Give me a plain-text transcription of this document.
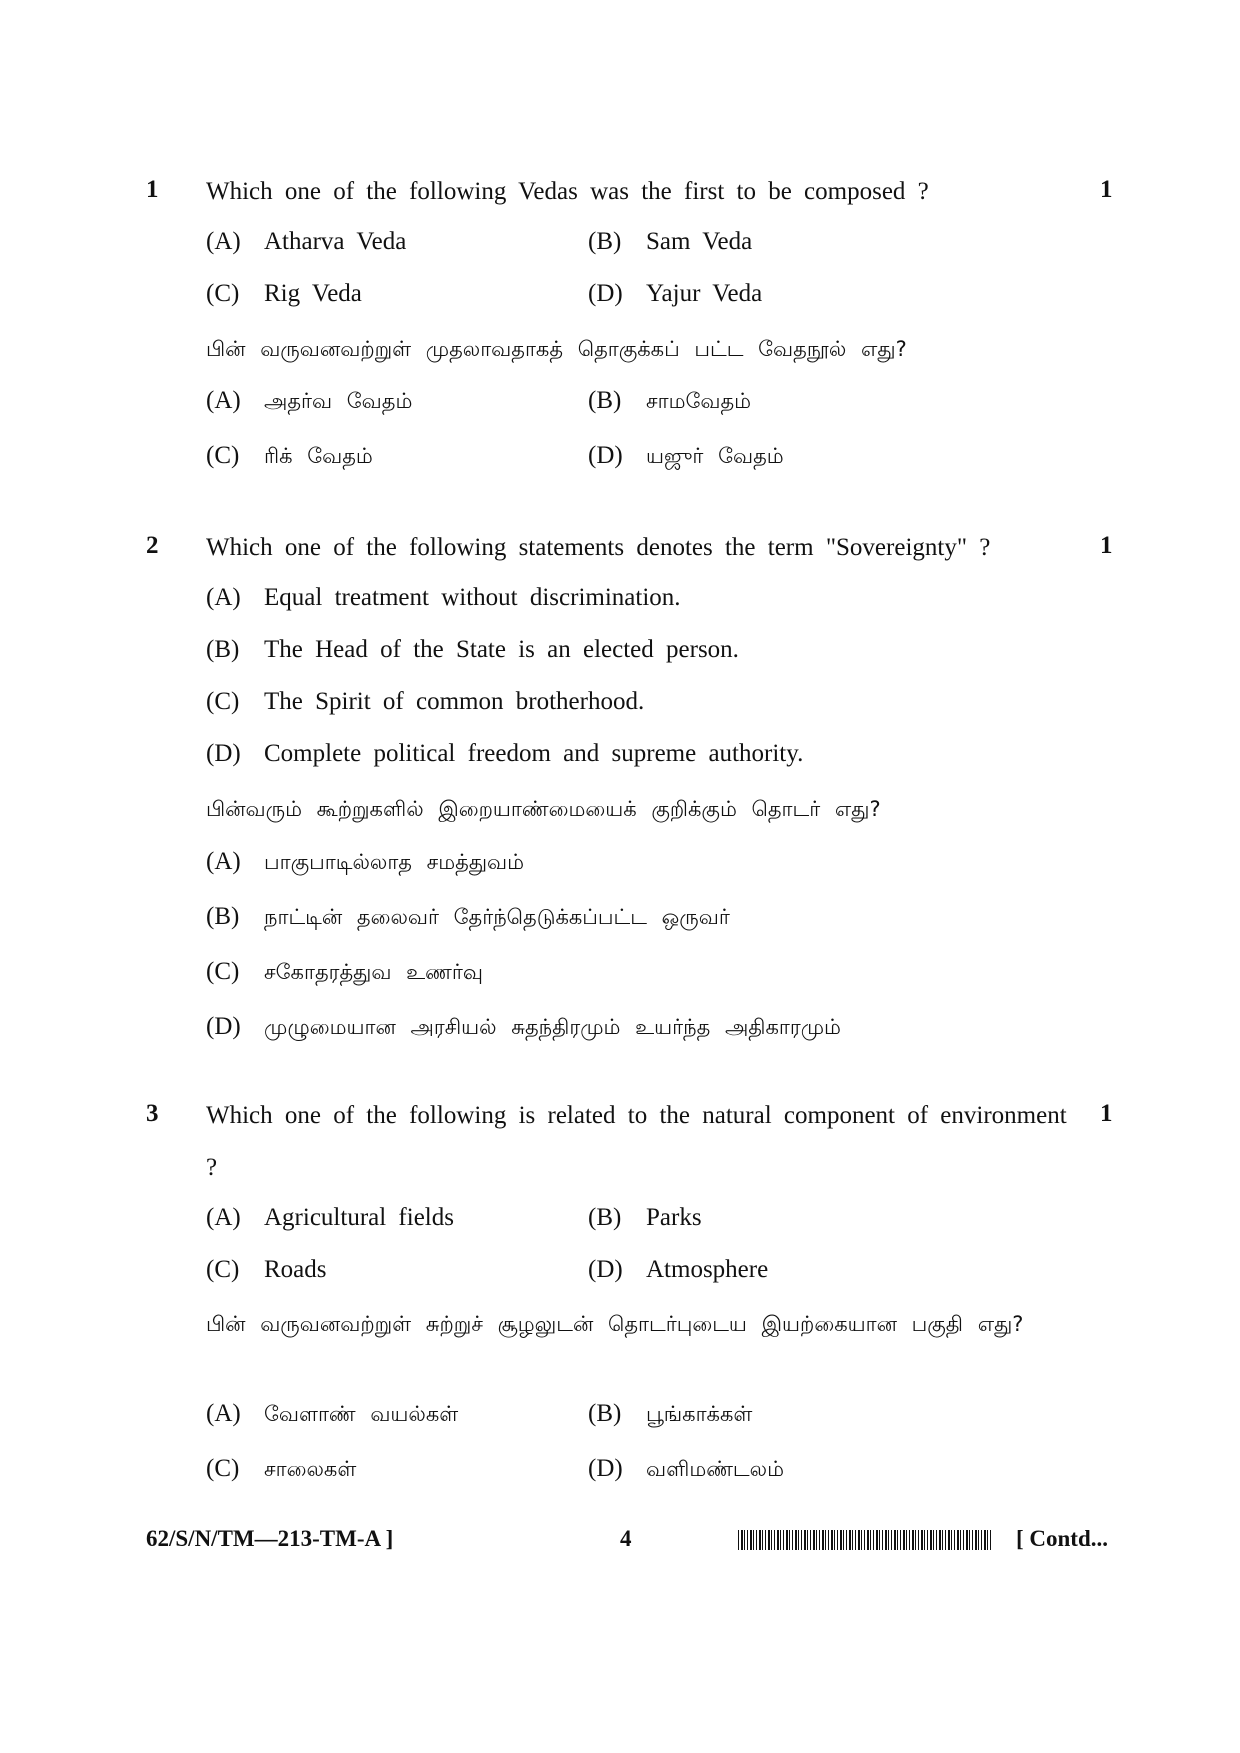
1 Which one of the following Vedas was the first to be composed ?	1
(A) Atharva Veda	(B) Sam Veda
(C) Rig Veda	(D) Yajur Veda
பின் வருவனவற்றுள் முதலாவதாகத் தொகுக்கப் பட்ட வேதநூல் எது?
(A) அதர்வ வேதம்	(B) சாமவேதம்
(C) ரிக் வேதம்	(D) யஜுர் வேதம்
2 Which one of the following statements denotes the term "Sovereignty" ?	1
(A) Equal treatment without discrimination.
(B) The Head of the State is an elected person.
(C) The Spirit of common brotherhood.
(D) Complete political freedom and supreme authority.
பின்வரும் கூற்றுகளில் இறையாண்மையைக் குறிக்கும் தொடர் எது?
(A) பாகுபாடில்லாத சமத்துவம்
(B) நாட்டின் தலைவர் தேர்ந்தெடுக்கப்பட்ட ஒருவர்
(C) சகோதரத்துவ உணர்வு
(D) முழுமையான அரசியல் சுதந்திரமும் உயர்ந்த அதிகாரமும்
3 Which one of the following is related to the natural component of environment ?
1
(A) Agricultural fields	(B) Parks
(C) Roads	(D) Atmosphere
பின் வருவனவற்றுள் சுற்றுச் சூழலுடன் தொடர்புடைய இயற்கையான பகுதி எது?
(A) வேளாண் வயல்கள்	(B) பூங்காக்கள்
(C) சாலைகள்	(D) வளிமண்டலம்
62/S/N/TM—213-TM-A ]	4	[ Contd...
